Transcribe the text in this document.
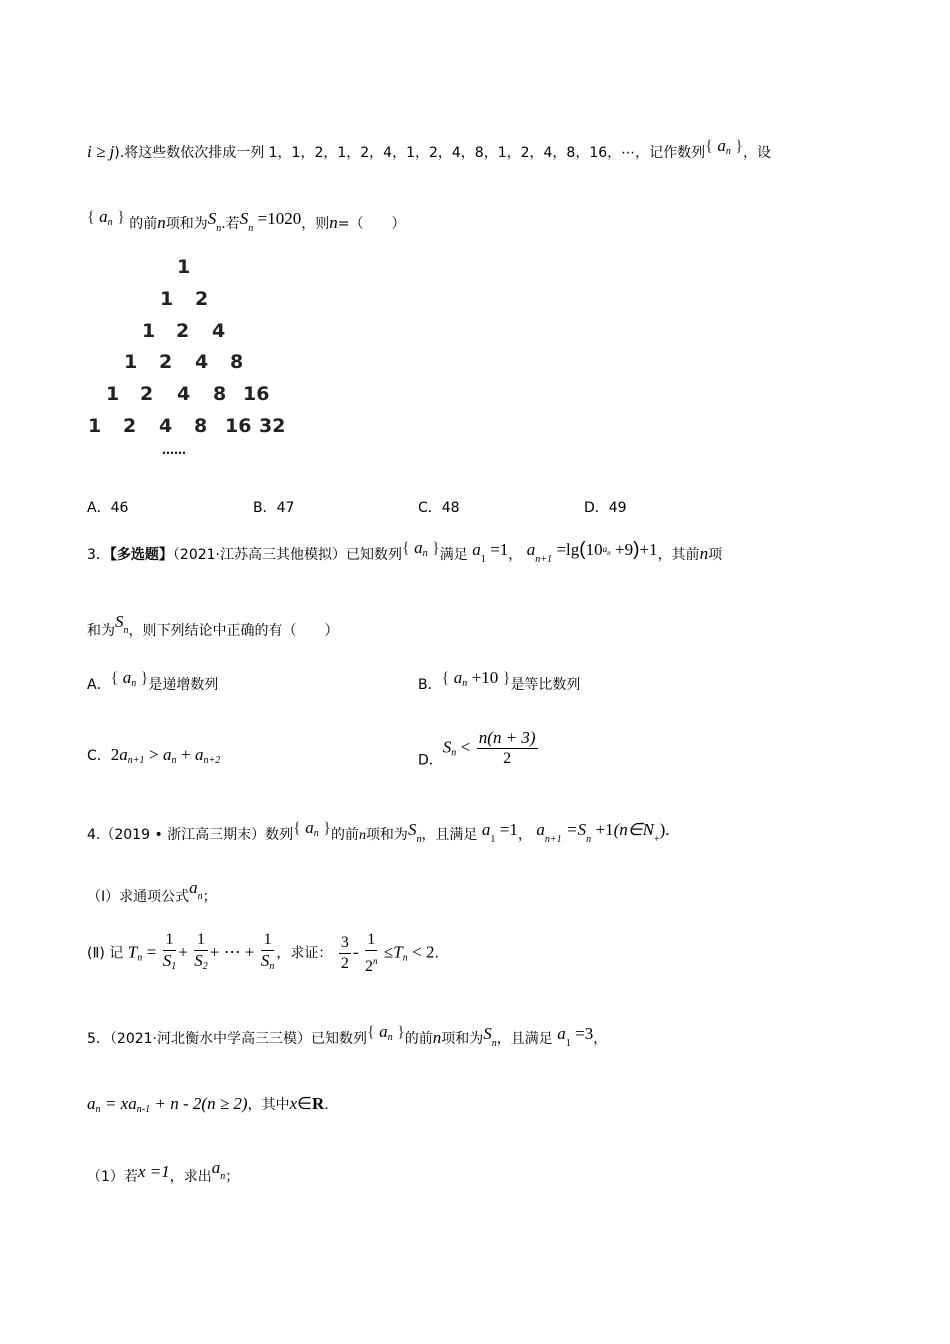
i ≥ j).将这些数依次排成一列 1，1，2，1，2，4，1，2，4，8，1，2，4，8，16，⋯，记作数列{ $a_n$ }，设
{ $a_n$ } 的前n项和为$S_n$.若$S_n =1020$，则n=（　　）
1
1 2
1 2 4
1 2 4 8
1 2 4 8 16
1 2 4 8 16 32
……
A．46	B．47	C．48	D．49
3．【多选题】（2021·江苏高三其他模拟）已知数列{ $a_n$ }满足 $a_1 =1$， $a_{n+1} =\lg(10^{a_n} +9)+1$，其前n项
和为$S^n$，则下列结论中正确的有（　　）
A．{ $a_n$ }是递增数列	B．{ $a_n +10$ }是等比数列
C．$2a_{n+1} > a_n + a_{n+2}$	D．$S_n < \frac{n(n + 3)}{2}$
4.（2019 • 浙江高三期末）数列{ $a_n$ }的前n项和为$S_n$，且满足 $a_1 =1$， $a_{n+1} =S_n$ $+1(n\in N_+)$.
（Ⅰ）求通项公式$a^n$；
(Ⅱ) 记 $T_n = \frac{1}{S1} + \frac{1}{S2}$ + ⋯ + $\frac{1}{S_n}$ ，求证： $\frac{3}{2} - \frac{1}{2^n} \le T_n < 2$.
5．（2021·河北衡水中学高三三模）已知数列{ $a_n$ }的前n项和为$S_n$，且满足 $a_1 =3$，
$a_n = xa_{n-1} + n - 2(n \ge 2)$，其中x∈R.
（1）若x =1，求出$a^n$；
